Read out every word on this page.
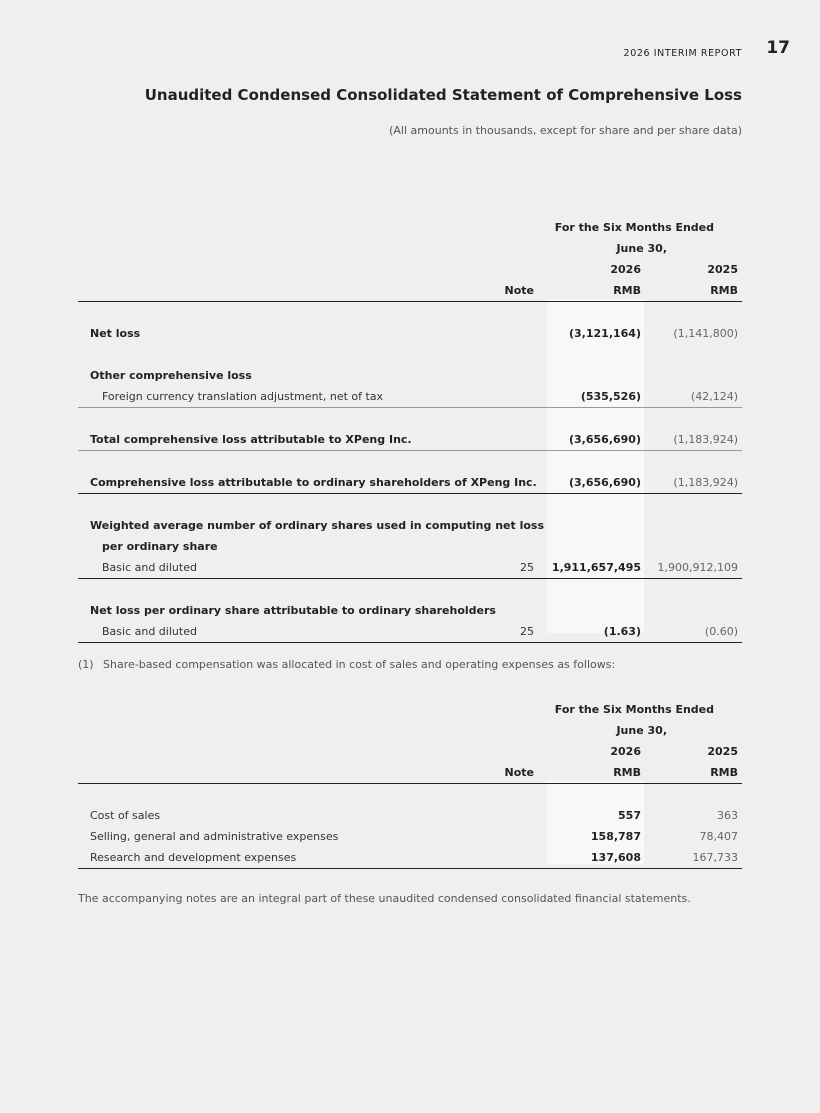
2026 INTERIM REPORT 17
Unaudited Condensed Consolidated Statement of Comprehensive Loss
(All amounts in thousands, except for share and per share data)
For the Six Months Ended
June 30,
2026	2025
Note	RMB	RMB
Net loss	(3,121,164)	(1,141,800)
Other comprehensive loss
Foreign currency translation adjustment, net of tax	(535,526)	(42,124)
Total comprehensive loss attributable to XPeng Inc.	(3,656,690)	(1,183,924)
Comprehensive loss attributable to ordinary shareholders of XPeng Inc.	(3,656,690)	(1,183,924)
Weighted average number of ordinary shares used in computing net loss
per ordinary share
Basic and diluted	25 1,911,657,495 1,900,912,109
Net loss per ordinary share attributable to ordinary shareholders
Basic and diluted	25	(1.63)	(0.60)
(1) Share-based compensation was allocated in cost of sales and operating expenses as follows:
For the Six Months Ended
June 30,
2026	2025
Note	RMB	RMB
Cost of sales	557	363
Selling, general and administrative expenses	158,787	78,407
Research and development expenses	137,608	167,733
The accompanying notes are an integral part of these unaudited condensed consolidated financial statements.
